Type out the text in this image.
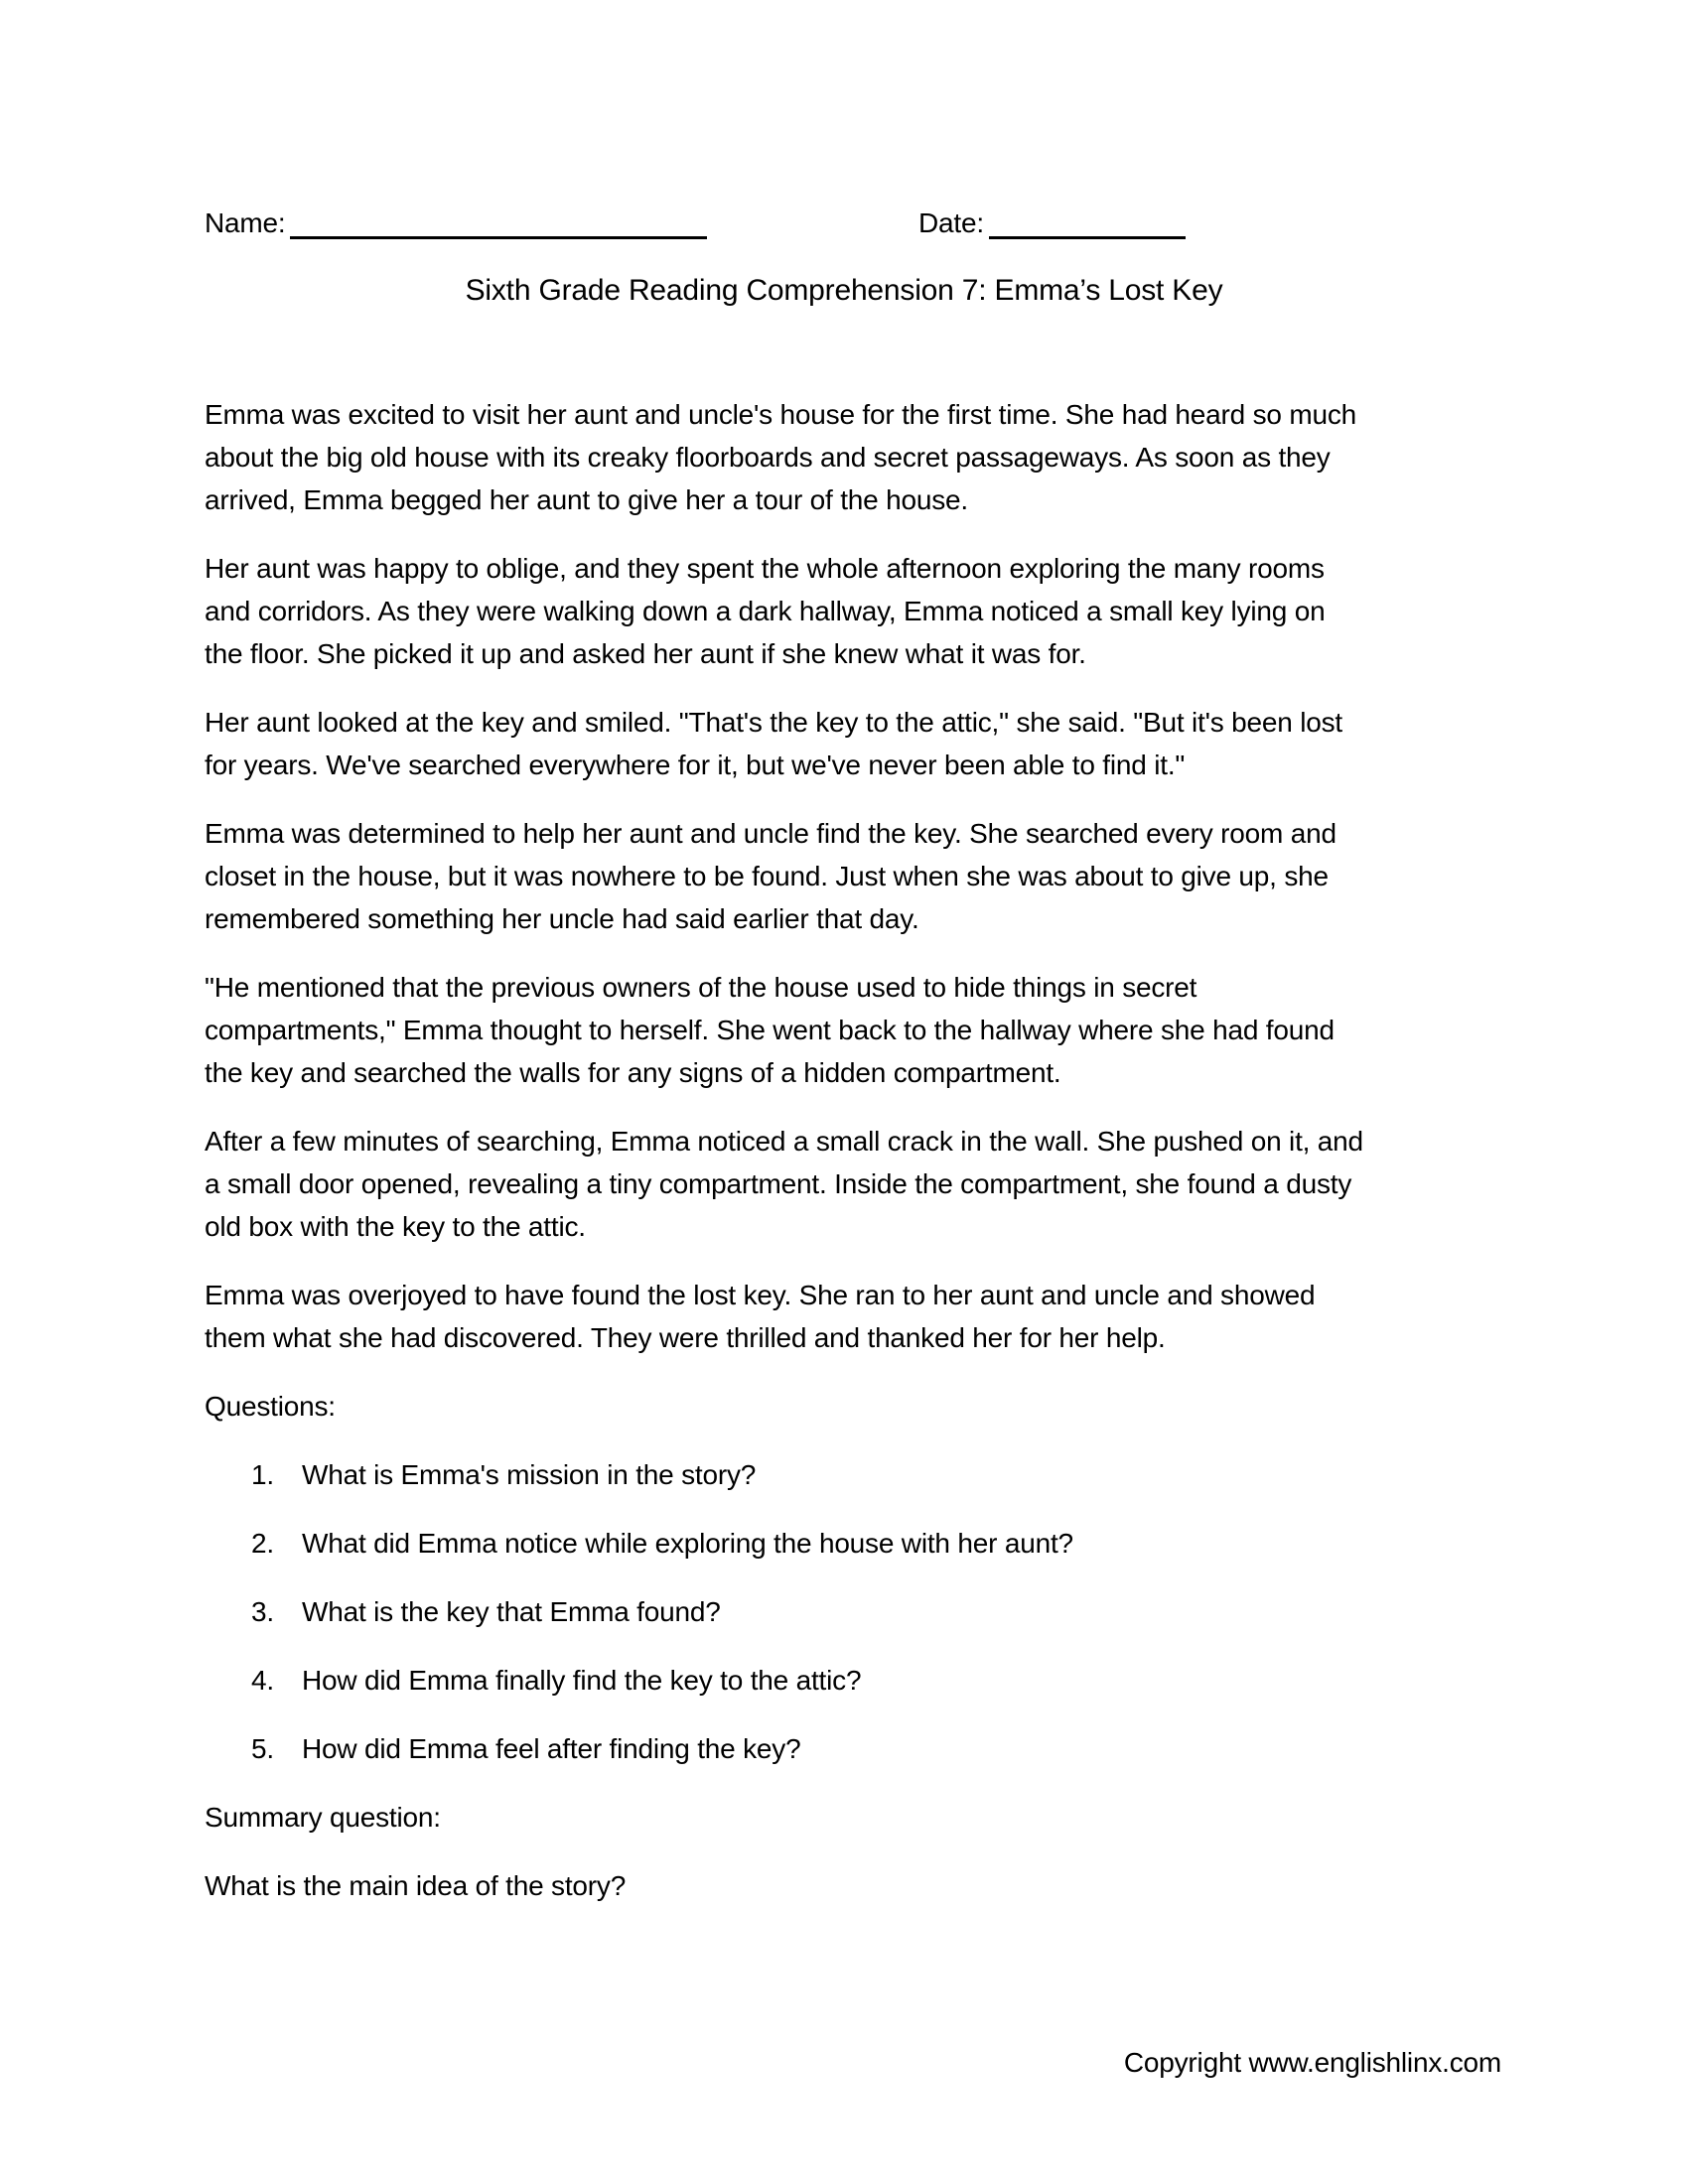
Name:	Date:
Sixth Grade Reading Comprehension 7: Emma’s Lost Key

Emma was excited to visit her aunt and uncle's house for the first time. She had heard so much
about the big old house with its creaky floorboards and secret passageways. As soon as they
arrived, Emma begged her aunt to give her a tour of the house.

Her aunt was happy to oblige, and they spent the whole afternoon exploring the many rooms
and corridors. As they were walking down a dark hallway, Emma noticed a small key lying on
the floor. She picked it up and asked her aunt if she knew what it was for.

Her aunt looked at the key and smiled. "That's the key to the attic," she said. "But it's been lost
for years. We've searched everywhere for it, but we've never been able to find it."

Emma was determined to help her aunt and uncle find the key. She searched every room and
closet in the house, but it was nowhere to be found. Just when she was about to give up, she
remembered something her uncle had said earlier that day.

"He mentioned that the previous owners of the house used to hide things in secret
compartments," Emma thought to herself. She went back to the hallway where she had found
the key and searched the walls for any signs of a hidden compartment.

After a few minutes of searching, Emma noticed a small crack in the wall. She pushed on it, and
a small door opened, revealing a tiny compartment. Inside the compartment, she found a dusty
old box with the key to the attic.

Emma was overjoyed to have found the lost key. She ran to her aunt and uncle and showed
them what she had discovered. They were thrilled and thanked her for her help.

Questions:

1.	What is Emma's mission in the story?
2.	What did Emma notice while exploring the house with her aunt?
3.	What is the key that Emma found?
4.	How did Emma finally find the key to the attic?
5.	How did Emma feel after finding the key?

Summary question:

What is the main idea of the story?

Copyright www.englishlinx.com
